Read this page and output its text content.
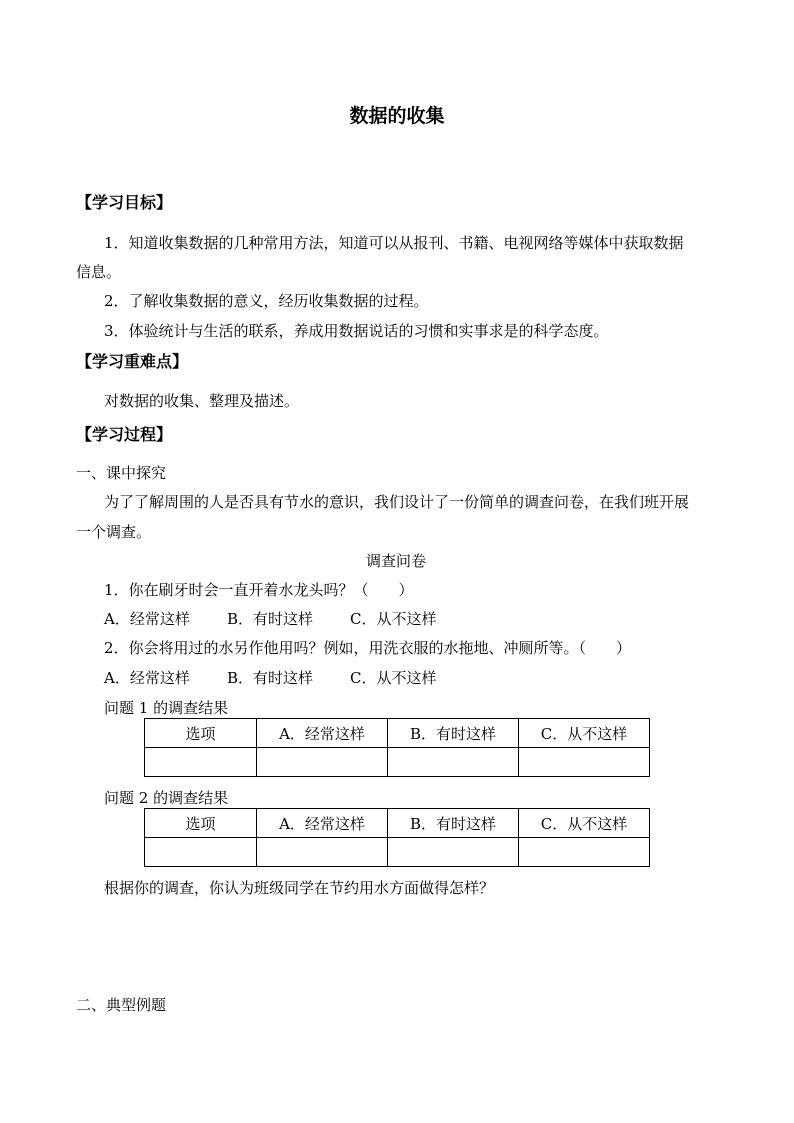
数据的收集
【学习目标】
1．知道收集数据的几种常用方法，知道可以从报刊、书籍、电视网络等媒体中获取数据
信息。
2．了解收集数据的意义，经历收集数据的过程。
3．体验统计与生活的联系，养成用数据说话的习惯和实事求是的科学态度。
【学习重难点】
对数据的收集、整理及描述。
【学习过程】
一、课中探究
为了了解周围的人是否具有节水的意识，我们设计了一份简单的调查问卷，在我们班开展
一个调查。
调查问卷
1．你在刷牙时会一直开着水龙头吗？（　　）
A．经常这样 B．有时这样 C．从不这样
2．你会将用过的水另作他用吗？例如，用洗衣服的水拖地、冲厕所等。（　　）
A．经常这样 B．有时这样 C．从不这样
问题 1 的调查结果
选项	A．经常这样	B．有时这样	C．从不这样

问题 2 的调查结果
选项	A．经常这样	B．有时这样	C．从不这样

根据你的调查，你认为班级同学在节约用水方面做得怎样？
二、典型例题
